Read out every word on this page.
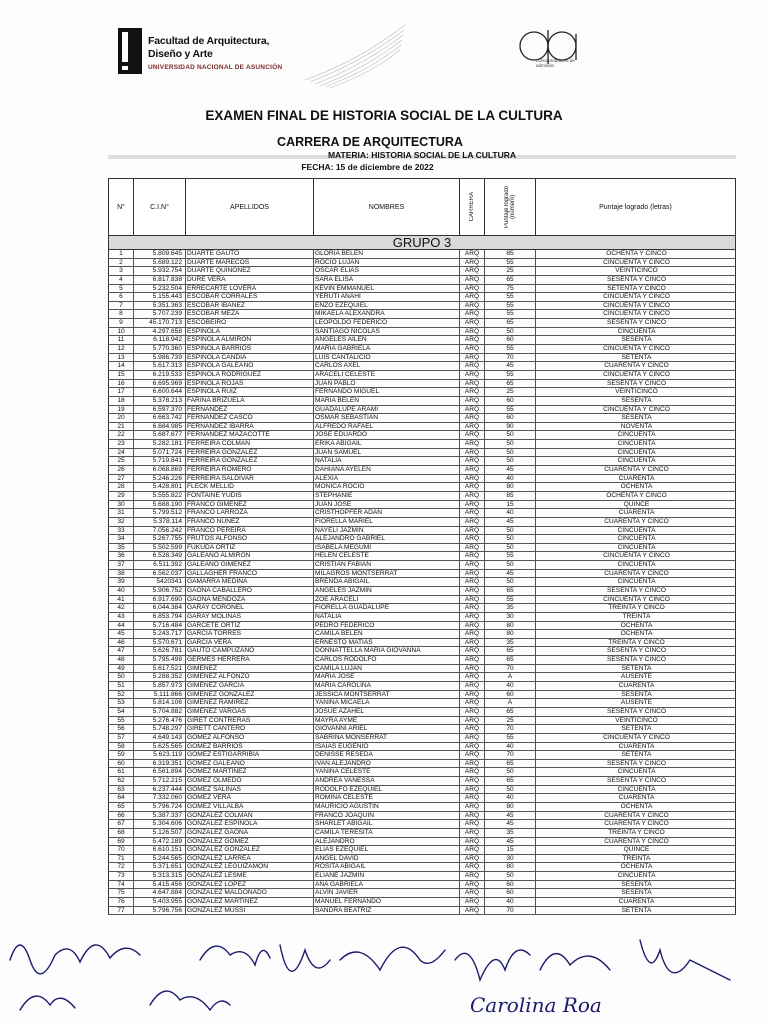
Facultad de Arquitectura,
Diseño y Arte
UNIVERSIDAD NACIONAL DE ASUNCIÓN
curso probatorio de admisión
EXAMEN FINAL DE HISTORIA SOCIAL DE LA CULTURA
CARRERA DE ARQUITECTURA
MATERIA: HISTORIA SOCIAL DE LA CULTURA
FECHA: 15 de diciembre de 2022
N°	C.I.N°	APELLIDOS	NOMBRES	CARRERA	Puntaje logrado (número)	Puntaje logrado (letras)
GRUPO 3
1	5.809.645 DUARTE GAUTO	GLORIA BELEN	ARQ	85	OCHENTA Y CINCO
2	5.689.122 DUARTE MARECOS	ROCIO LUJAN	ARQ	55	CINCUENTA Y CINCO
3	5.932.754 DUARTE QUIÑONEZ	OSCAR ELIAS	ARQ	25	VEINTICINCO
4	6.817.838 DURE VERA	SARA ELISA	ARQ	65	SESENTA Y CINCO
5	5.232.504 ERRECARTE LOVERA	KEVIN EMMANUEL	ARQ	75	SETENTA Y CINCO
6	5.155.443 ESCOBAR CORRALES	YERUTI ANAHI	ARQ	55	CINCUENTA Y CINCO
7	5.351.363 ESCOBAR IBAÑEZ	ENZO EZEQUIEL	ARQ	55	CINCUENTA Y CINCO
8	5.707.239 ESCOBAR MEZA	MIKAELA ALEXANDRA	ARQ	55	CINCUENTA Y CINCO
9	45.170.713 ESCOBEIRO	LEOPOLDO FEDERICO	ARQ	65	SESENTA Y CINCO
10	4.297.658 ESPINOLA	SANTIAGO NICOLAS	ARQ	50	CINCUENTA
11	6.118.942 ESPINOLA ALMIRON	ANGELES AILEN	ARQ	60	SESENTA
12	5.770.360 ESPINOLA BARRIOS	MARIA GABRIELA	ARQ	55	CINCUENTA Y CINCO
13	5.986.739 ESPINOLA CANDIA	LUIS CANTALICIO	ARQ	70	SETENTA
14	5.617.313 ESPINOLA GALEANO	CARLOS AXEL	ARQ	45	CUARENTA Y CINCO
15	6.219.533 ESPINOLA RODRIGUEZ	ARACELI CELESTE	ARQ	55	CINCUENTA Y CINCO
16	6.695.969 ESPINOLA ROJAS	JUAN PABLO	ARQ	65	SESENTA Y CINCO
17	6.600.644 ESPINOLA RUIZ	FERNANDO MIGUEL	ARQ	25	VEINTICINCO
18	5.378.213 FARIÑA BRIZUELA	MARIA BELEN	ARQ	60	SESENTA
19	6.597.370 FERNANDEZ	GUADALUPE ARAMI	ARQ	55	CINCUENTA Y CINCO
20	6.663.742 FERNANDEZ CASCO	OSMAR SEBASTIAN	ARQ	60	SESENTA
21	6.684.985 FERNANDEZ IBARRA	ALFREDO RAFAEL	ARQ	90	NOVENTA
22	5.687.677 FERNANDEZ MAZACOTTE	JOSE EDUARDO	ARQ	50	CINCUENTA
23	5.282.181 FERREIRA COLMAN	ERIKA ABIGAIL	ARQ	50	CINCUENTA
24	5.071.724 FERREIRA GONZALEZ	JUAN SAMUEL	ARQ	50	CINCUENTA
25	5.719.841 FERREIRA GONZALEZ	NATALIA	ARQ	50	CINCUENTA
26	6.068.869 FERREIRA ROMERO	DAHIANA AYELEN	ARQ	45	CUARENTA Y CINCO
27	5.246.226 FERREIRA SALDIVAR	ALEXIA	ARQ	40	CUARENTA
28	5.428.801 FLECK MELLID	MONICA ROCIO	ARQ	80	OCHENTA
29	5.555.822 FONTAINE YUDIS	STEPHANIE	ARQ	85	OCHENTA Y CINCO
30	5.688.190 FRANCO GIMENEZ	JUAN JOSE	ARQ	15	QUINCE
31	5.799.512 FRANCO LARROZA	CRISTHOPFER ADAN	ARQ	40	CUARENTA
32	5.378.114 FRANCO NUÑEZ	FIORELLA MARIEL	ARQ	45	CUARENTA Y CINCO
33	7.056.242 FRANCO PEREIRA	NAYELI JAZMIN	ARQ	50	CINCUENTA
34	5.267.755 FRUTOS ALFONSO	ALEJANDRO GABRIEL	ARQ	50	CINCUENTA
35	5.502.599 FUKUDA ORTIZ	ISABELA MEGUMI	ARQ	50	CINCUENTA
36	6.528.349 GALEANO ALMIRON	HELEN CELESTE	ARQ	55	CINCUENTA Y CINCO
37	6.511.392 GALEANO GIMENEZ	CRISTIAN FABIAN	ARQ	50	CINCUENTA
38	6.562.037 GALLAGHER FRANCO	MILAGROS MONTSERRAT	ARQ	45	CUARENTA Y CINCO
39	5420341 GAMARRA MEDINA	BRENDA ABIGAIL	ARQ	50	CINCUENTA
40	5.906.752 GAONA CABALLERO	ANGELES JAZMIN	ARQ	65	SESENTA Y CINCO
41	6.917.690 GAONA MENDOZA	ZOE ARACELI	ARQ	55	CINCUENTA Y CINCO
42	6.044.384 GARAY CORONEL	FIORELLA GUADALUPE	ARQ	35	TREINTA Y CINCO
43	6.853.794 GARAY MOLINAS	NATALIA	ARQ	30	TREINTA
44	5.716.484 GARCETE ORTIZ	PEDRO FEDERICO	ARQ	80	OCHENTA
45	5.243.717 GARCIA TORRES	CAMILA BELEN	ARQ	80	OCHENTA
46	5.570.671 GARCIA VERA	ERNESTO MATIAS	ARQ	35	TREINTA Y CINCO
47	5.626.781 GAUTO CAMPUZANO	DONNATTELLA MARIA GIOVANNA	ARQ	65	SESENTA Y CINCO
48	5.795.498 GERMES HERRERA	CARLOS RODOLFO	ARQ	65	SESENTA Y CINCO
49	5.617.521 GIMENEZ	CAMILA LUJAN	ARQ	70	SETENTA
50	5.288.352 GIMENEZ ALFONZO	MARIA JOSE	ARQ	A	AUSENTE
51	5.857.973 GIMENEZ GARCIA	MARIA CAROLINA	ARQ	40	CUARENTA
52	5.111.866 GIMENEZ GONZALEZ	JESSICA MONTSERRAT	ARQ	60	SESENTA
53	5.814.106 GIMENEZ RAMIREZ	YANINA MICAELA	ARQ	A	AUSENTE
54	5.704.882 GIMENEZ VARGAS	JOSUE AZAHEL	ARQ	65	SESENTA Y CINCO
55	5.276.476 GIRET CONTRERAS	MAYRA AYME	ARQ	25	VEINTICINCO
56	5.748.297 GIRETT CANTERO	GIOVANNI ARIEL	ARQ	70	SETENTA
57	4.649.143 GOMEZ ALFONSO	SABRINA MONSERRAT	ARQ	55	CINCUENTA Y CINCO
58	5.625.565 GOMEZ BARRIOS	ISAIAS EUGENIO	ARQ	40	CUARENTA
59	5.623.119 GOMEZ ESTIGARRIBIA	DENISSE RESEDA	ARQ	70	SETENTA
60	6.319.351 GOMEZ GALEANO	IVAN ALEJANDRO	ARQ	65	SESENTA Y CINCO
61	6.561.894 GOMEZ MARTINEZ	YANINA CELESTE	ARQ	50	CINCUENTA
62	5.712.215 GOMEZ OLMEDO	ANDREA VANESSA	ARQ	65	SESENTA Y CINCO
63	6.237.444 GOMEZ SALINAS	RODOLFO EZEQUIEL	ARQ	50	CINCUENTA
64	7.332.060 GOMEZ VERA	ROMINA CELESTE	ARQ	40	CUARENTA
65	5.796.724 GOMEZ VILLALBA	MAURICIO AGUSTIN	ARQ	80	OCHENTA
66	5.387.337 GONZALEZ COLMAN	FRANCO JOAQUIN	ARQ	45	CUARENTA Y CINCO
67	5.304.606 GONZALEZ ESPINOLA	SHARLET ABIGAIL	ARQ	45	CUARENTA Y CINCO
68	5.126.507 GONZALEZ GAONA	CAMILA TERESITA	ARQ	35	TREINTA Y CINCO
69	5.472.189 GONZALEZ GOMEZ	ALEJANDRO	ARQ	45	CUARENTA Y CINCO
70	6.610.151 GONZALEZ GONZALEZ	ELIAS EZEQUIEL	ARQ	15	QUINCE
71	5.244.565 GONZALEZ LARREA	ANGEL DAVID	ARQ	30	TREINTA
72	5.371.651 GONZALEZ LEGUIZAMON	ROSITA ABIGAIL	ARQ	80	OCHENTA
73	5.313.315 GONZALEZ LESME	ELIANE JAZMIN	ARQ	50	CINCUENTA
74	5.415.456 GONZALEZ LOPEZ	ANA GABRIELA	ARQ	60	SESENTA
75	4.647.884 GONZALEZ MALDONADO	ALVIN JAVIER	ARQ	60	SESENTA
76	5.403.955 GONZALEZ MARTINEZ	MANUEL FERNANDO	ARQ	40	CUARENTA
77	5.796.756 GONZALEZ MUSSI	SANDRA BEATRIZ	ARQ	70	SETENTA
Carolina Roa
